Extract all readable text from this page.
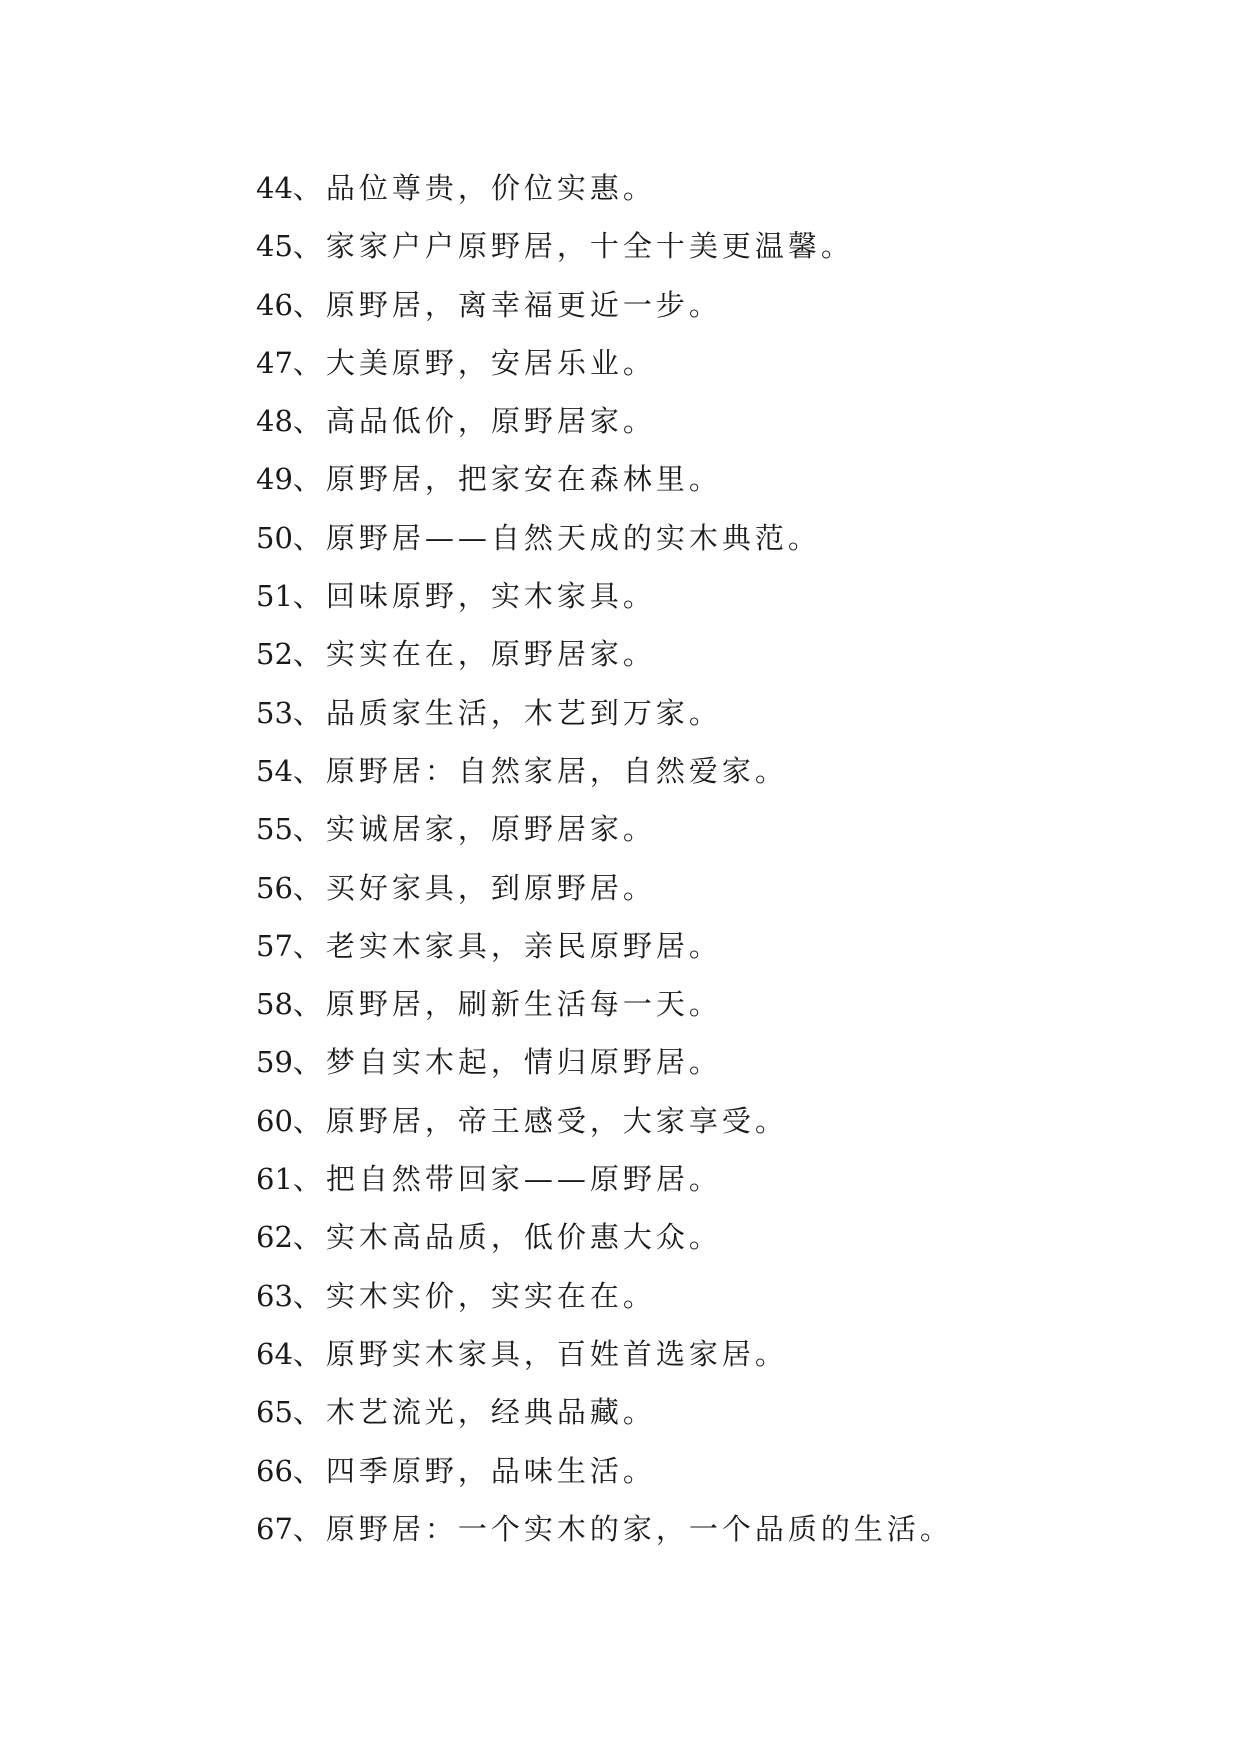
44、品位尊贵，价位实惠。
45、家家户户原野居，十全十美更温馨。
46、原野居，离幸福更近一步。
47、大美原野，安居乐业。
48、高品低价，原野居家。
49、原野居，把家安在森林里。
50、原野居——自然天成的实木典范。
51、回味原野，实木家具。
52、实实在在，原野居家。
53、品质家生活，木艺到万家。
54、原野居：自然家居，自然爱家。
55、实诚居家，原野居家。
56、买好家具，到原野居。
57、老实木家具，亲民原野居。
58、原野居，刷新生活每一天。
59、梦自实木起，情归原野居。
60、原野居，帝王感受，大家享受。
61、把自然带回家——原野居。
62、实木高品质，低价惠大众。
63、实木实价，实实在在。
64、原野实木家具，百姓首选家居。
65、木艺流光，经典品藏。
66、四季原野，品味生活。
67、原野居：一个实木的家，一个品质的生活。
